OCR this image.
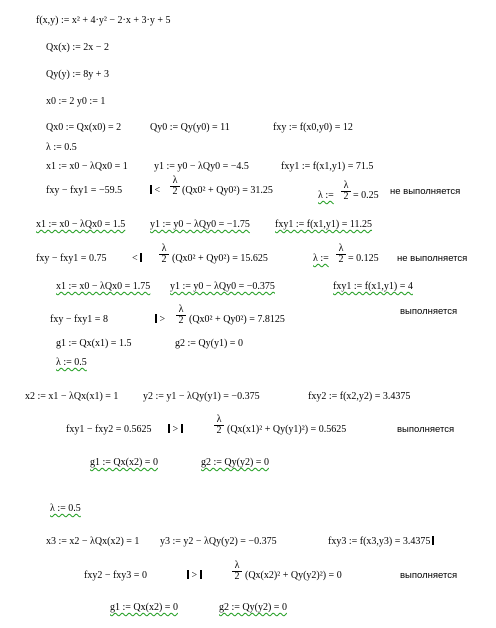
f(x,y) := x² + 4·y² − 2·x + 3·y + 5
Qx(x) := 2x − 2
Qy(y) := 8y + 3
x0 := 2 y0 := 1
Qx0 := Qx(x0) = 2	Qy0 := Qy(y0) = 11	fxy := f(x0,y0) = 12
λ := 0.5
x1 := x0 − λQx0 = 1	y1 := y0 − λQy0 = −4.5	fxy1 := f(x1,y1) = 71.5
fxy − fxy1 = −59.5	< $\frac{\lambda}{2} (Qx0^2 + Qy0^2) = 31.25$	λ := $\frac{\lambda}{2} = 0.25$ не выполняется
x1 := x0 − λQx0 = 1.5 y1 := y0 − λQy0 = −1.75	fxy1 := f(x1,y1) = 11.25
fxy − fxy1 = 0.75	<	$\frac{\lambda}{2} (Qx0^2 + Qy0^2) = 15.625$	λ := $\frac{\lambda}{2} = 0.125$ не выполняется
x1 := x0 − λQx0 = 1.75 y1 := y0 − λQy0 = −0.375	fxy1 := f(x1,y1) = 4
fxy − fxy1 = 8	> $\frac{\lambda}{2} (Qx0^2 + Qy0^2) = 7.8125$
выполняется
g1 := Qx(x1) = 1.5	g2 := Qy(y1) = 0
λ := 0.5
x2 := x1 − λQx(x1) = 1 y2 := y1 − λQy(y1) = −0.375	fxy2 := f(x2,y2) = 3.4375
fxy1 − fxy2 = 0.5625	>	$\frac{\lambda}{2} (Qx(x1)^2 + Qy(y1)^2) = 0.5625$	выполняется
g1 := Qx(x2) = 0	g2 := Qy(y2) = 0
λ := 0.5
x3 := x2 − λQx(x2) = 1 y3 := y2 − λQy(y2) = −0.375	fxy3 := f(x3,y3) = 3.4375
fxy2 − fxy3 = 0	>	$\frac{\lambda}{2} (Qx(x2)^2 + Qy(y2)^2) = 0$	выполняется
g1 := Qx(x2) = 0	g2 := Qy(y2) = 0
